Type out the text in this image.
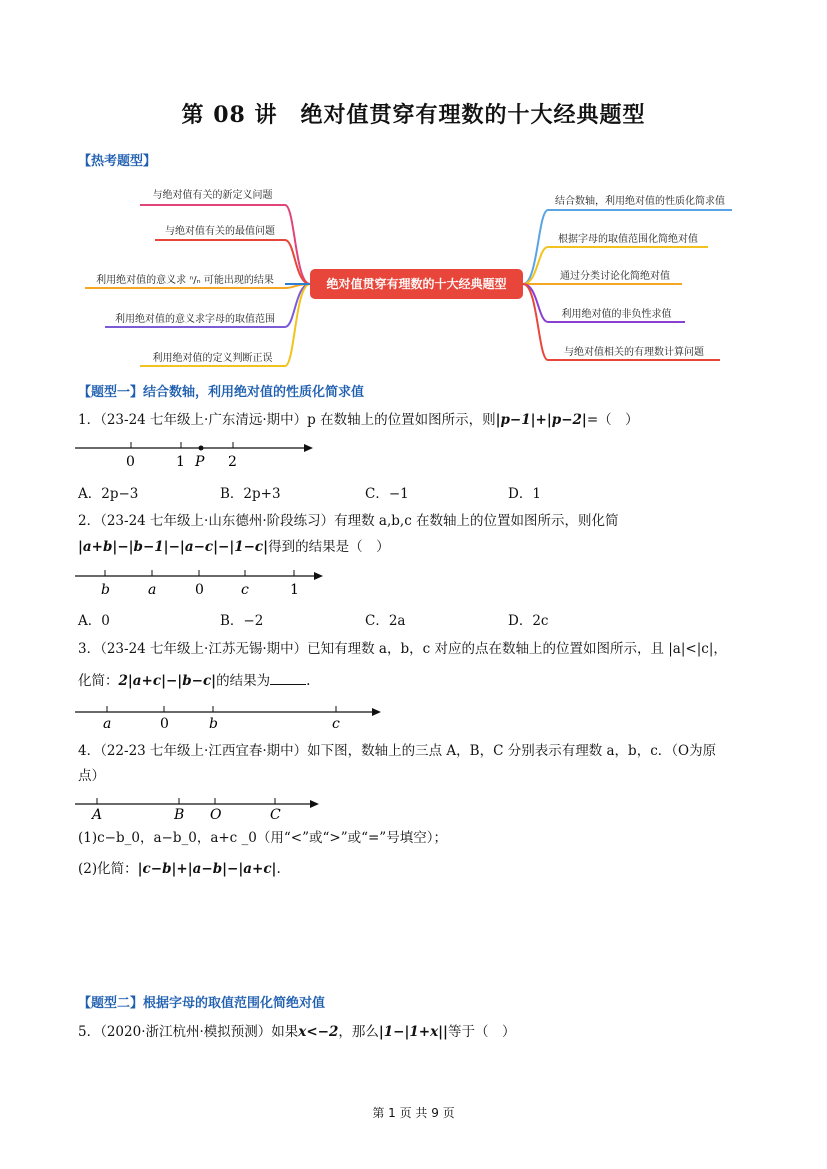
第 08 讲　绝对值贯穿有理数的十大经典题型
【热考题型】
绝对值贯穿有理数的十大经典题型
与绝对值有关的新定义问题
与绝对值有关的最值问题
利用绝对值的意义求 ⁿ/ₙ 可能出现的结果
利用绝对值的意义求字母的取值范围
利用绝对值的定义判断正误
结合数轴，利用绝对值的性质化简求值
根据字母的取值范围化简绝对值
通过分类讨论化简绝对值
利用绝对值的非负性求值
与绝对值相关的有理数计算问题
【题型一】结合数轴，利用绝对值的性质化简求值
1．（23-24 七年级上·广东清远·期中）p 在数轴上的位置如图所示，则|p−1|+|p−2|=（　）
0	1 P 2
A．2p−3	B．2p+3	C．−1	D．1
2．（23-24 七年级上·山东德州·阶段练习）有理数 a,b,c 在数轴上的位置如图所示，则化简
|a+b|−|b−1|−|a−c|−|1−c|得到的结果是（　）
b	a	0	c	1
A．0	B．−2	C．2a	D．2c
3．（23-24 七年级上·江苏无锡·期中）已知有理数 a，b，c 对应的点在数轴上的位置如图所示，且 |a|<|c|，
化简：2|a+c|−|b−c|的结果为	.
a	0	b	c
4．（22-23 七年级上·江西宜春·期中）如下图，数轴上的三点 A，B，C 分别表示有理数 a，b，c．（O为原
点）
A	B O	C
(1)c−b_0，a−b_0，a+c _0（用“<”或“>”或“=”号填空）；
(2)化简：|c−b|+|a−b|−|a+c|.
【题型二】根据字母的取值范围化简绝对值
5．（2020·浙江杭州·模拟预测）如果x<−2，那么|1−|1+x||等于（　）
第 1 页 共 9 页
